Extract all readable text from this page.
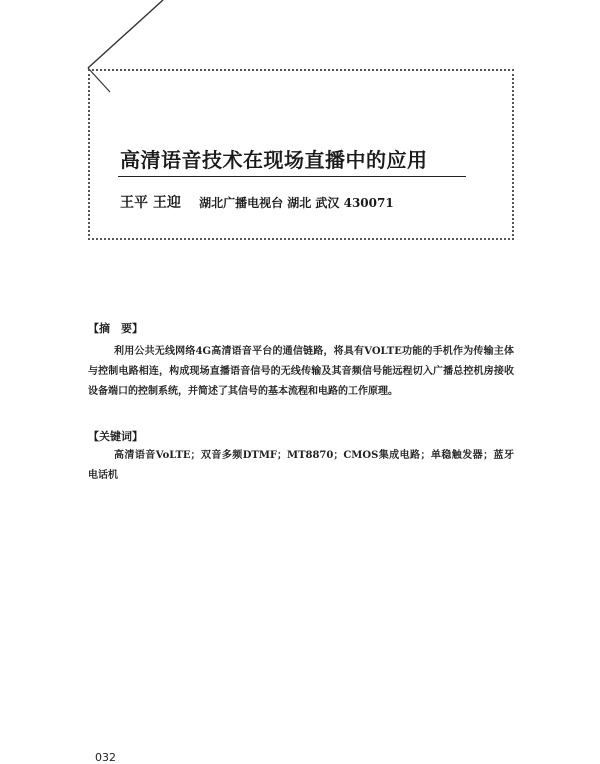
高清语音技术在现场直播中的应用
王平 王迎 湖北广播电视台 湖北 武汉 430071
【摘　要】

利用公共无线网络4G高清语音平台的通信链路，将具有VOLTE功能的手机作为传输主体与控制电路相连，构成现场直播语音信号的无线传输及其音频信号能远程切入广播总控机房接收设备端口的控制系统，并简述了其信号的基本流程和电路的工作原理。

【关键词】

高清语音VoLTE；双音多频DTMF；MT8870；CMOS集成电路；单稳触发器；蓝牙电话机

032
